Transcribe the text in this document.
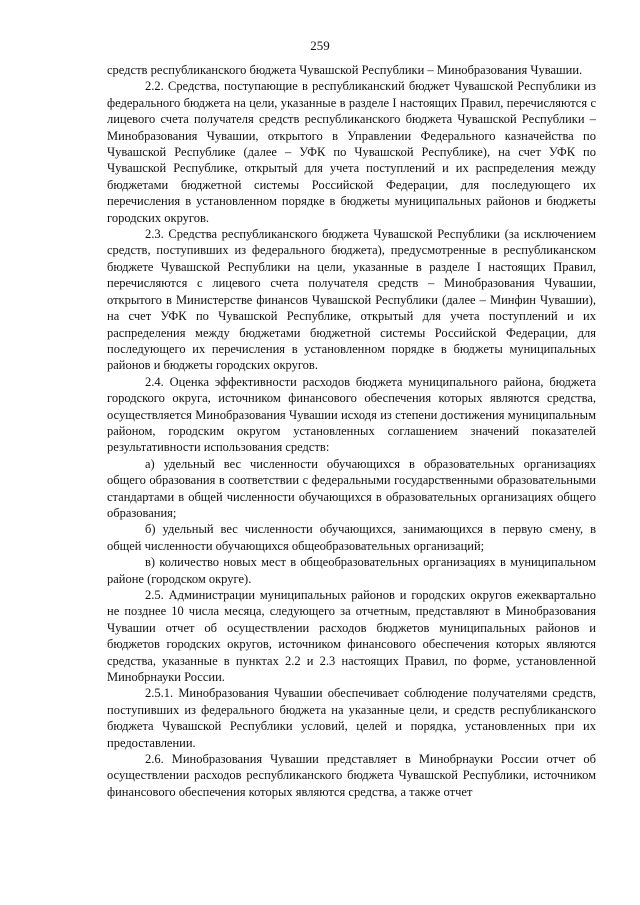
259

средств республиканского бюджета Чувашской Республики – Минобразования Чувашии.

2.2. Средства, поступающие в республиканский бюджет Чувашской Республики из федерального бюджета на цели, указанные в разделе I настоящих Правил, перечисляются с лицевого счета получателя средств республиканского бюджета Чувашской Республики – Минобразования Чувашии, открытого в Управлении Федерального казначейства по Чувашской Республике (далее – УФК по Чувашской Республике), на счет УФК по Чувашской Республике, открытый для учета поступлений и их распределения между бюджетами бюджетной системы Российской Федерации, для последующего их перечисления в установленном порядке в бюджеты муниципальных районов и бюджеты городских округов.

2.3. Средства республиканского бюджета Чувашской Республики (за исключением средств, поступивших из федерального бюджета), предусмотренные в республиканском бюджете Чувашской Республики на цели, указанные в разделе I настоящих Правил, перечисляются с лицевого счета получателя средств – Минобразования Чувашии, открытого в Министерстве финансов Чувашской Республики (далее – Минфин Чувашии), на счет УФК по Чувашской Республике, открытый для учета поступлений и их распределения между бюджетами бюджетной системы Российской Федерации, для последующего их перечисления в установленном порядке в бюджеты муниципальных районов и бюджеты городских округов.

2.4. Оценка эффективности расходов бюджета муниципального района, бюджета городского округа, источником финансового обеспечения которых являются средства, осуществляется Минобразования Чувашии исходя из степени достижения муниципальным районом, городским округом установленных соглашением значений показателей результативности использования средств:

а) удельный вес численности обучающихся в образовательных организациях общего образования в соответствии с федеральными государственными образовательными стандартами в общей численности обучающихся в образовательных организациях общего образования;

б) удельный вес численности обучающихся, занимающихся в первую смену, в общей численности обучающихся общеобразовательных организаций;

в) количество новых мест в общеобразовательных организациях в муниципальном районе (городском округе).

2.5. Администрации муниципальных районов и городских округов ежеквартально не позднее 10 числа месяца, следующего за отчетным, представляют в Минобразования Чувашии отчет об осуществлении расходов бюджетов муниципальных районов и бюджетов городских округов, источником финансового обеспечения которых являются средства, указанные в пунктах 2.2 и 2.3 настоящих Правил, по форме, установленной Минобрнауки России.

2.5.1. Минобразования Чувашии обеспечивает соблюдение получателями средств, поступивших из федерального бюджета на указанные цели, и средств республиканского бюджета Чувашской Республики условий, целей и порядка, установленных при их предоставлении.

2.6. Минобразования Чувашии представляет в Минобрнауки России отчет об осуществлении расходов республиканского бюджета Чувашской Республики, источником финансового обеспечения которых являются средства, а также отчет
